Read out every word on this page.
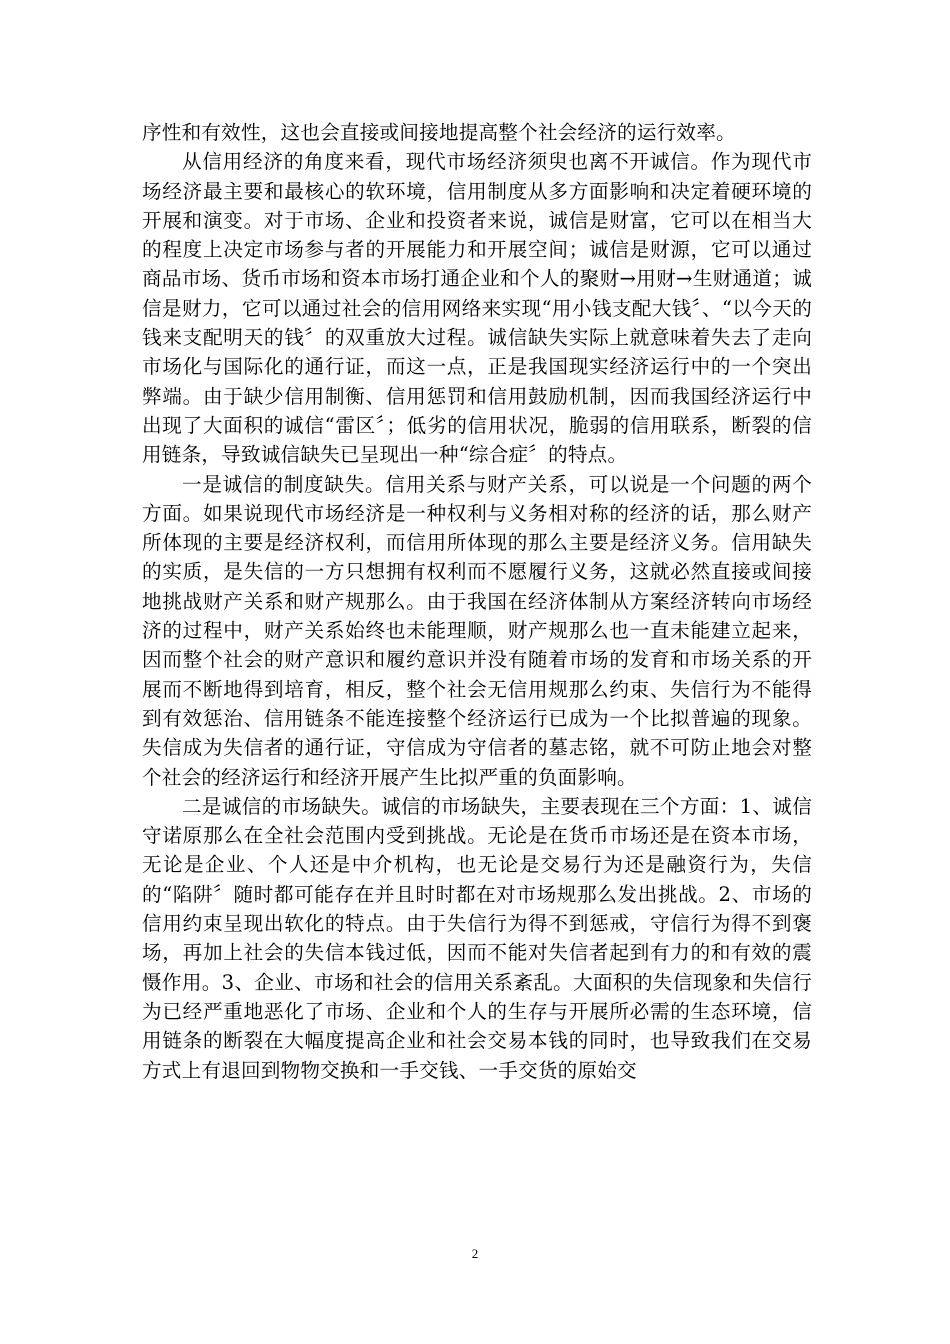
序性和有效性，这也会直接或间接地提高整个社会经济的运行效率。

从信用经济的角度来看，现代市场经济须臾也离不开诚信。作为现代市场经济最主要和最核心的软环境，信用制度从多方面影响和决定着硬环境的开展和演变。对于市场、企业和投资者来说，诚信是财富，它可以在相当大的程度上决定市场参与者的开展能力和开展空间；诚信是财源，它可以通过商品市场、货币市场和资本市场打通企业和个人的聚财→用财→生财通道；诚信是财力，它可以通过社会的信用网络来实现“用小钱支配大钱〞、“以今天的钱来支配明天的钱〞的双重放大过程。诚信缺失实际上就意味着失去了走向市场化与国际化的通行证，而这一点，正是我国现实经济运行中的一个突出弊端。由于缺少信用制衡、信用惩罚和信用鼓励机制，因而我国经济运行中出现了大面积的诚信“雷区〞；低劣的信用状况，脆弱的信用联系，断裂的信用链条，导致诚信缺失已呈现出一种“综合症〞的特点。

一是诚信的制度缺失。信用关系与财产关系，可以说是一个问题的两个方面。如果说现代市场经济是一种权利与义务相对称的经济的话，那么财产所体现的主要是经济权利，而信用所体现的那么主要是经济义务。信用缺失的实质，是失信的一方只想拥有权利而不愿履行义务，这就必然直接或间接地挑战财产关系和财产规那么。由于我国在经济体制从方案经济转向市场经济的过程中，财产关系始终也未能理顺，财产规那么也一直未能建立起来，因而整个社会的财产意识和履约意识并没有随着市场的发育和市场关系的开展而不断地得到培育，相反，整个社会无信用规那么约束、失信行为不能得到有效惩治、信用链条不能连接整个经济运行已成为一个比拟普遍的现象。失信成为失信者的通行证，守信成为守信者的墓志铭，就不可防止地会对整个社会的经济运行和经济开展产生比拟严重的负面影响。

二是诚信的市场缺失。诚信的市场缺失，主要表现在三个方面：1、诚信守诺原那么在全社会范围内受到挑战。无论是在货币市场还是在资本市场，无论是企业、个人还是中介机构，也无论是交易行为还是融资行为，失信的“陷阱〞随时都可能存在并且时时都在对市场规那么发出挑战。2、市场的信用约束呈现出软化的特点。由于失信行为得不到惩戒，守信行为得不到褒场，再加上社会的失信本钱过低，因而不能对失信者起到有力的和有效的震慑作用。3、企业、市场和社会的信用关系紊乱。大面积的失信现象和失信行为已经严重地恶化了市场、企业和个人的生存与开展所必需的生态环境，信用链条的断裂在大幅度提高企业和社会交易本钱的同时，也导致我们在交易方式上有退回到物物交换和一手交钱、一手交货的原始交

2
